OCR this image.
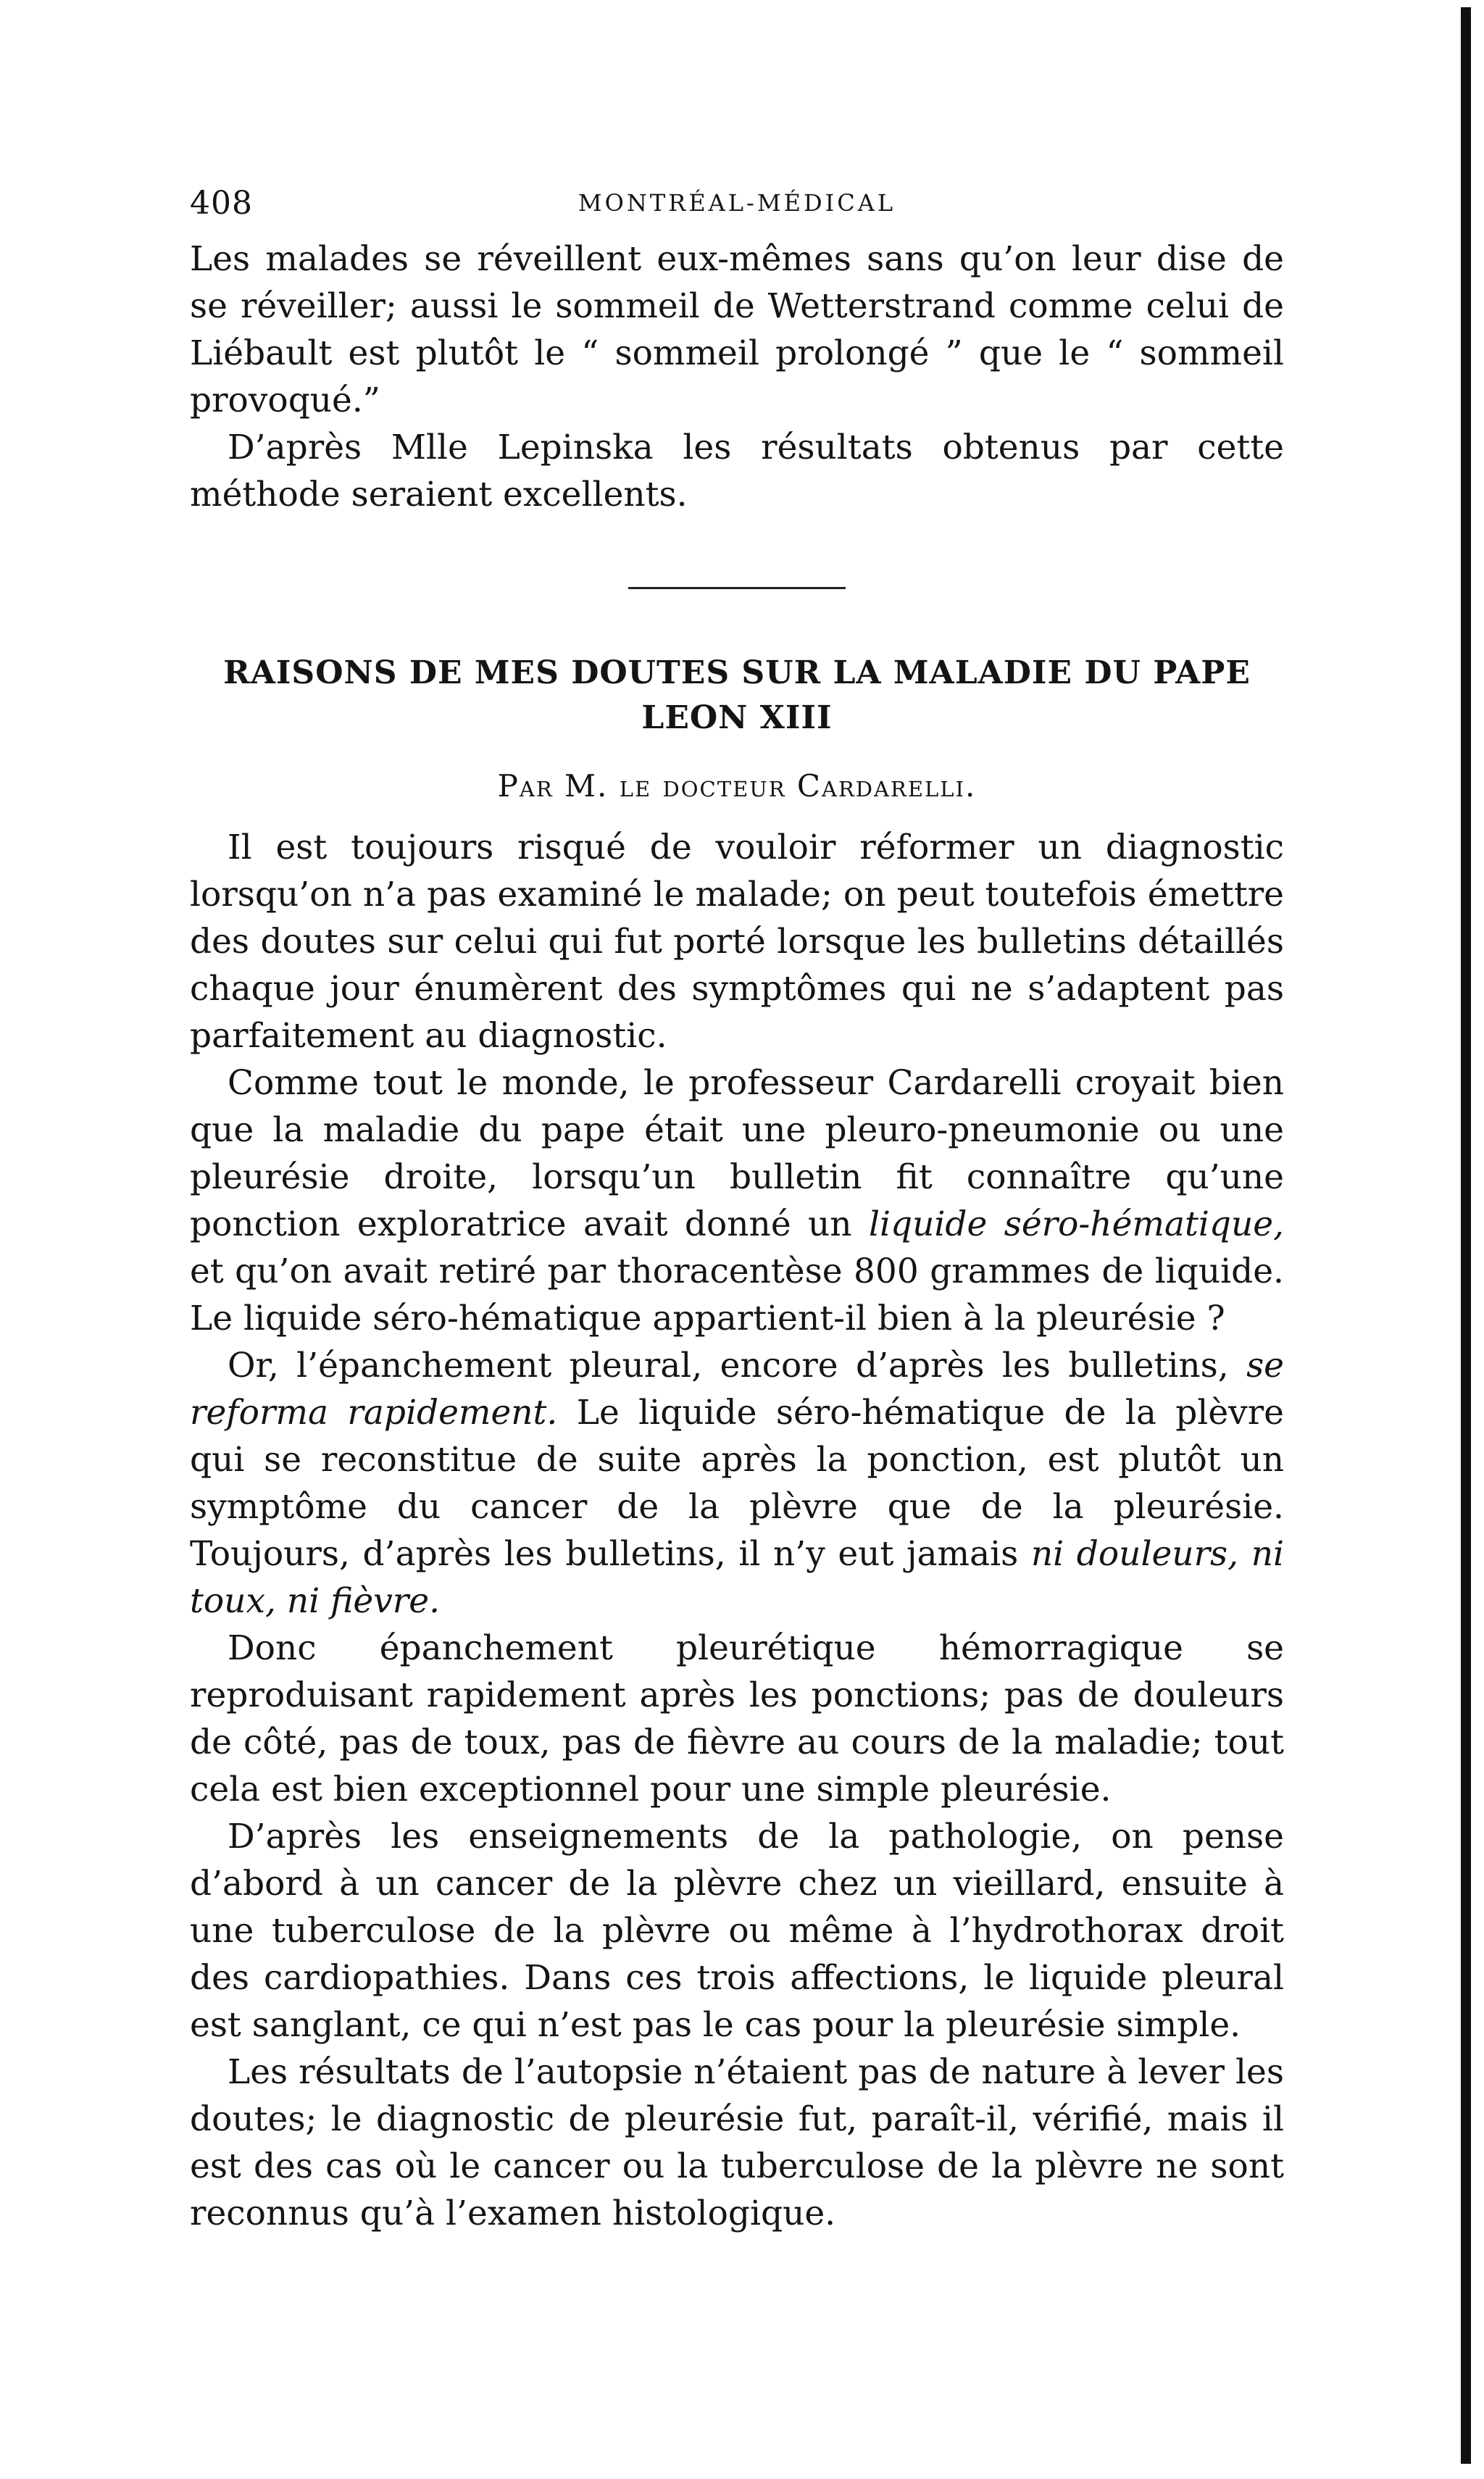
408	MONTRÉAL-MÉDICAL

Les malades se réveillent eux-mêmes sans qu’on leur dise de se réveiller; aussi le sommeil de Wetterstrand comme celui de Liébault est plutôt le “ sommeil prolongé ” que le “ sommeil provoqué.”

D’après Mlle Lepinska les résultats obtenus par cette méthode seraient excellents.

RAISONS DE MES DOUTES SUR LA MALADIE DU PAPE LEON XIII
Par M. le docteur Cardarelli.

Il est toujours risqué de vouloir réformer un diagnostic lorsqu’on n’a pas examiné le malade; on peut toutefois émettre des doutes sur celui qui fut porté lorsque les bulletins détaillés chaque jour énumèrent des symptômes qui ne s’adaptent pas parfaitement au diagnostic.

Comme tout le monde, le professeur Cardarelli croyait bien que la maladie du pape était une pleuro-pneumonie ou une pleurésie droite, lorsqu’un bulletin fit connaître qu’une ponction exploratrice avait donné un liquide séro-hématique, et qu’on avait retiré par thoracentèse 800 grammes de liquide. Le liquide séro-hématique appartient-il bien à la pleurésie ?

Or, l’épanchement pleural, encore d’après les bulletins, se reforma rapidement. Le liquide séro-hématique de la plèvre qui se reconstitue de suite après la ponction, est plutôt un symptôme du cancer de la plèvre que de la pleurésie. Toujours, d’après les bulletins, il n’y eut jamais ni douleurs, ni toux, ni fièvre.

Donc épanchement pleurétique hémorragique se reproduisant rapidement après les ponctions; pas de douleurs de côté, pas de toux, pas de fièvre au cours de la maladie; tout cela est bien exceptionnel pour une simple pleurésie.

D’après les enseignements de la pathologie, on pense d’abord à un cancer de la plèvre chez un vieillard, ensuite à une tuberculose de la plèvre ou même à l’hydrothorax droit des cardiopathies. Dans ces trois affections, le liquide pleural est sanglant, ce qui n’est pas le cas pour la pleurésie simple.

Les résultats de l’autopsie n’étaient pas de nature à lever les doutes; le diagnostic de pleurésie fut, paraît-il, vérifié, mais il est des cas où le cancer ou la tuberculose de la plèvre ne sont reconnus qu’à l’examen histologique.
